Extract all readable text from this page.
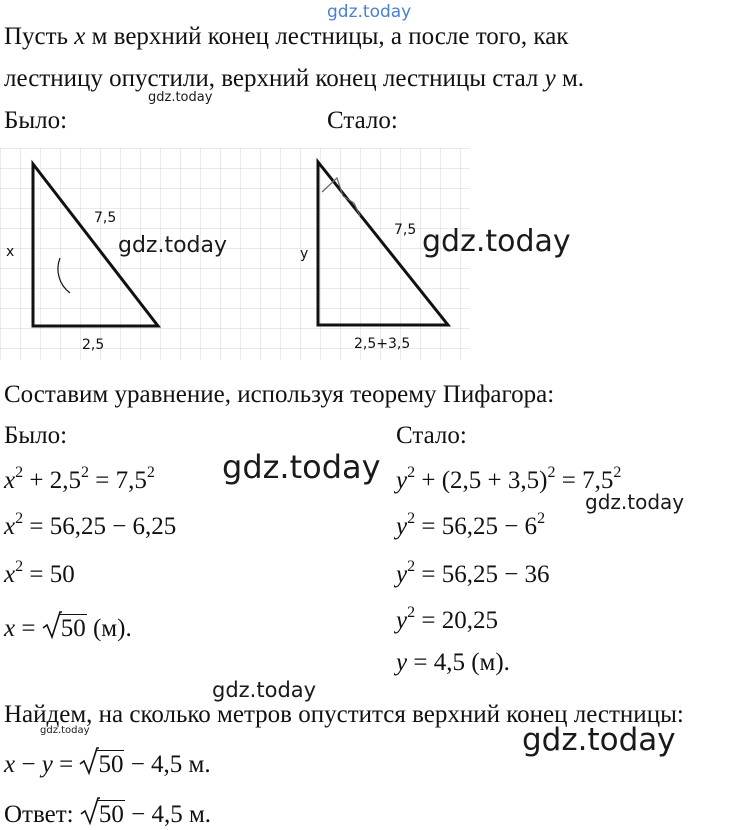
gdz.today
Пусть x м верхний конец лестницы, а после того, как
лестницу опустили, верхний конец лестницы стал y м.
gdz.today
Было:	Стало:
x
7,5
2,5
y
7,5
2,5+3,5
gdz.today	gdz.today
Составим уравнение, используя теорему Пифагора:
Было:	Стало:
gdz.today
gdz.today
$x^2 + 2,5^2 = 7,5^2$
$x^2 = 56,25 - 6,25$
$x^2 = 50$
x = 50 (м).
$y^2 + (2,5 + 3,5)^2 = 7,5^2$
$y^2 = 56,25 - 6^2$
$y^2 = 56,25 - 36$
$y^2 = 20,25$
y = 4,5 (м).
gdz.today
Найдем, на сколько метров опустится верхний конец лестницы:
gdz.today	gdz.today
x − y = 50 − 4,5 м.
Ответ: 50 − 4,5 м.
